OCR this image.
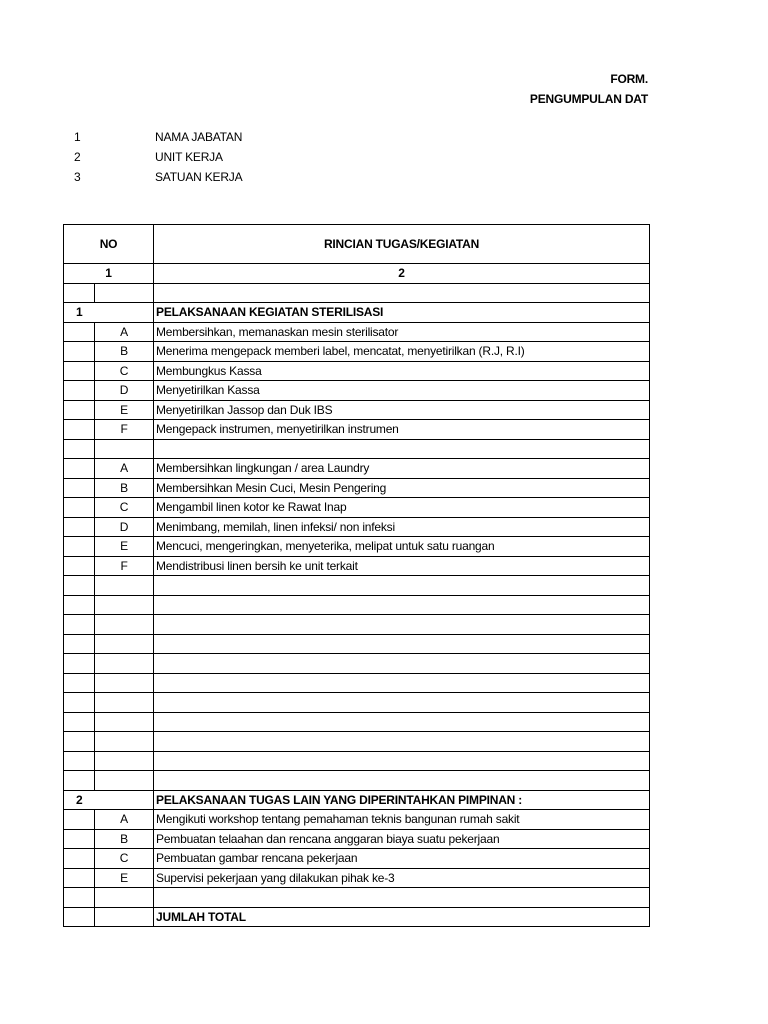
FORM.
PENGUMPULAN DAT
1	NAMA JABATAN
2	UNIT KERJA
3	SATUAN KERJA
NO		RINCIAN TUGAS/KEGIATAN
1		2

1		PELAKSANAAN KEGIATAN STERILISASI
	A	Membersihkan, memanaskan mesin sterilisator
	B	Menerima mengepack memberi label, mencatat, menyetirilkan (R.J, R.I)
	C	Membungkus Kassa
	D	Menyetirilkan Kassa
	E	Menyetirilkan Jassop dan Duk IBS
	F	Mengepack instrumen, menyetirilkan instrumen

	A	Membersihkan lingkungan / area Laundry
	B	Membersihkan Mesin Cuci, Mesin Pengering
	C	Mengambil linen kotor ke Rawat Inap
	D	Menimbang, memilah, linen infeksi/ non infeksi
	E	Mencuci, mengeringkan, menyeterika, melipat untuk satu ruangan
	F	Mendistribusi linen bersih ke unit terkait

2		PELAKSANAAN TUGAS LAIN YANG DIPERINTAHKAN PIMPINAN :
	A	Mengikuti workshop tentang pemahaman teknis bangunan rumah sakit
	B	Pembuatan telaahan dan rencana anggaran biaya suatu pekerjaan
	C	Pembuatan gambar rencana pekerjaan
	E	Supervisi pekerjaan yang dilakukan pihak ke-3

		JUMLAH TOTAL
